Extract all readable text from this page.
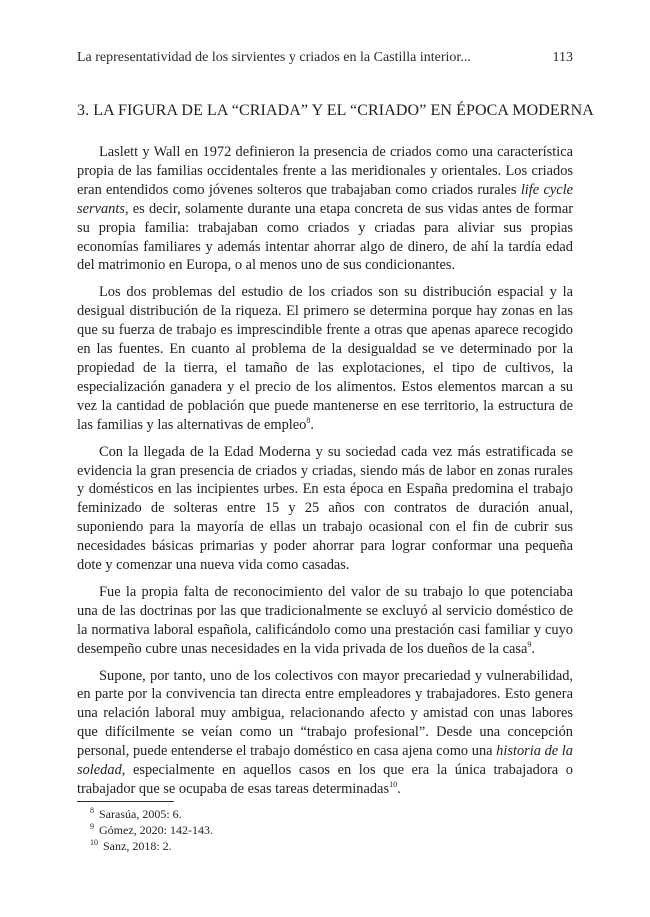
La representatividad de los sirvientes y criados en la Castilla interior...	113
3. LA FIGURA DE LA “CRIADA” Y EL “CRIADO” EN ÉPOCA MODERNA

Laslett y Wall en 1972 definieron la presencia de criados como una característica propia de las familias occidentales frente a las meridionales y orientales. Los criados eran entendidos como jóvenes solteros que trabajaban como criados rurales life cycle servants, es decir, solamente durante una etapa concreta de sus vidas antes de formar su propia familia: trabajaban como criados y criadas para aliviar sus propias economías familiares y además intentar ahorrar algo de dinero, de ahí la tardía edad del matrimonio en Europa, o al menos uno de sus condicionantes.

Los dos problemas del estudio de los criados son su distribución espacial y la desigual distribución de la riqueza. El primero se determina porque hay zonas en las que su fuerza de trabajo es imprescindible frente a otras que apenas aparece recogido en las fuentes. En cuanto al problema de la desigualdad se ve determinado por la propiedad de la tierra, el tamaño de las explotaciones, el tipo de cultivos, la especialización ganadera y el precio de los alimentos. Estos elementos marcan a su vez la cantidad de población que puede mantenerse en ese territorio, la estructura de las familias y las alternativas de empleo$^8$.

Con la llegada de la Edad Moderna y su sociedad cada vez más estratificada se evidencia la gran presencia de criados y criadas, siendo más de labor en zonas rurales y domésticos en las incipientes urbes. En esta época en España predomina el trabajo feminizado de solteras entre 15 y 25 años con contratos de duración anual, suponiendo para la mayoría de ellas un trabajo ocasional con el fin de cubrir sus necesidades básicas primarias y poder ahorrar para lograr conformar una pequeña dote y comenzar una nueva vida como casadas.

Fue la propia falta de reconocimiento del valor de su trabajo lo que potenciaba una de las doctrinas por las que tradicionalmente se excluyó al servicio doméstico de la normativa laboral española, calificándolo como una prestación casi familiar y cuyo desempeño cubre unas necesidades en la vida privada de los dueños de la casa$^9$.

Supone, por tanto, uno de los colectivos con mayor precariedad y vulnerabilidad, en parte por la convivencia tan directa entre empleadores y trabajadores. Esto genera una relación laboral muy ambigua, relacionando afecto y amistad con unas labores que difícilmente se veían como un “trabajo profesional”. Desde una concepción personal, puede entenderse el trabajo doméstico en casa ajena como una historia de la soledad, especialmente en aquellos casos en los que era la única trabajadora o trabajador que se ocupaba de esas tareas determinadas$^{10}$.

$^8$ Sarasúa, 2005: 6.

$^9$ Gómez, 2020: 142-143.

$^{10}$ Sanz, 2018: 2.
